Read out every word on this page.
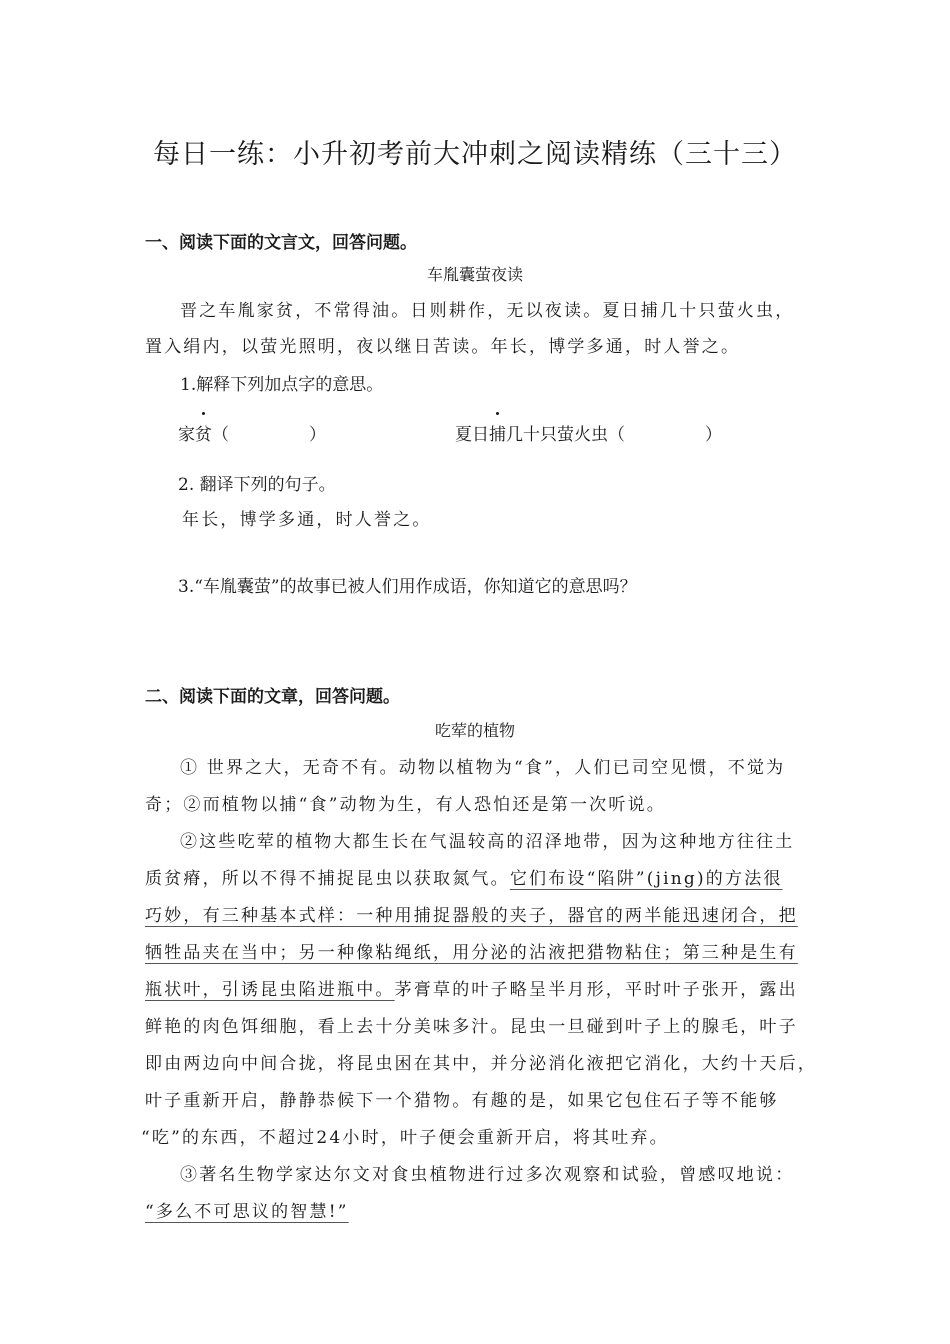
每日一练：小升初考前大冲刺之阅读精练（三十三）
一、阅读下面的文言文，回答问题。
车胤囊萤夜读
晋之车胤家贫，不常得油。日则耕作，无以夜读。夏日捕几十只萤火虫，
置入绢内，以萤光照明，夜以继日苦读。年长，博学多通，时人誉之。
1.解释下列加点字的意思。
家贫（	）	夏日捕几十只萤火虫（	）
2. 翻译下列的句子。
年长，博学多通，时人誉之。
3.“车胤囊萤”的故事已被人们用作成语，你知道它的意思吗？
二、阅读下面的文章，回答问题。
吃荤的植物
① 世界之大，无奇不有。动物以植物为“食”，人们已司空见惯，不觉为
奇；②而植物以捕“食”动物为生，有人恐怕还是第一次听说。
②这些吃荤的植物大都生长在气温较高的沼泽地带，因为这种地方往往土
质贫瘠，所以不得不捕捉昆虫以获取氮气。它们布设“陷阱”(jing)的方法很
巧妙，有三种基本式样：一种用捕捉器般的夹子，器官的两半能迅速闭合，把
牺牲品夹在当中；另一种像粘绳纸，用分泌的沾液把猎物粘住；第三种是生有
瓶状叶，引诱昆虫陷进瓶中。茅膏草的叶子略呈半月形，平时叶子张开，露出
鲜艳的肉色饵细胞，看上去十分美味多汁。昆虫一旦碰到叶子上的腺毛，叶子
即由两边向中间合拢，将昆虫困在其中，并分泌消化液把它消化，大约十天后，
叶子重新开启，静静恭候下一个猎物。有趣的是，如果它包住石子等不能够
“吃”的东西，不超过24小时，叶子便会重新开启，将其吐弃。
③著名生物学家达尔文对食虫植物进行过多次观察和试验，曾感叹地说：
“多么不可思议的智慧!”
